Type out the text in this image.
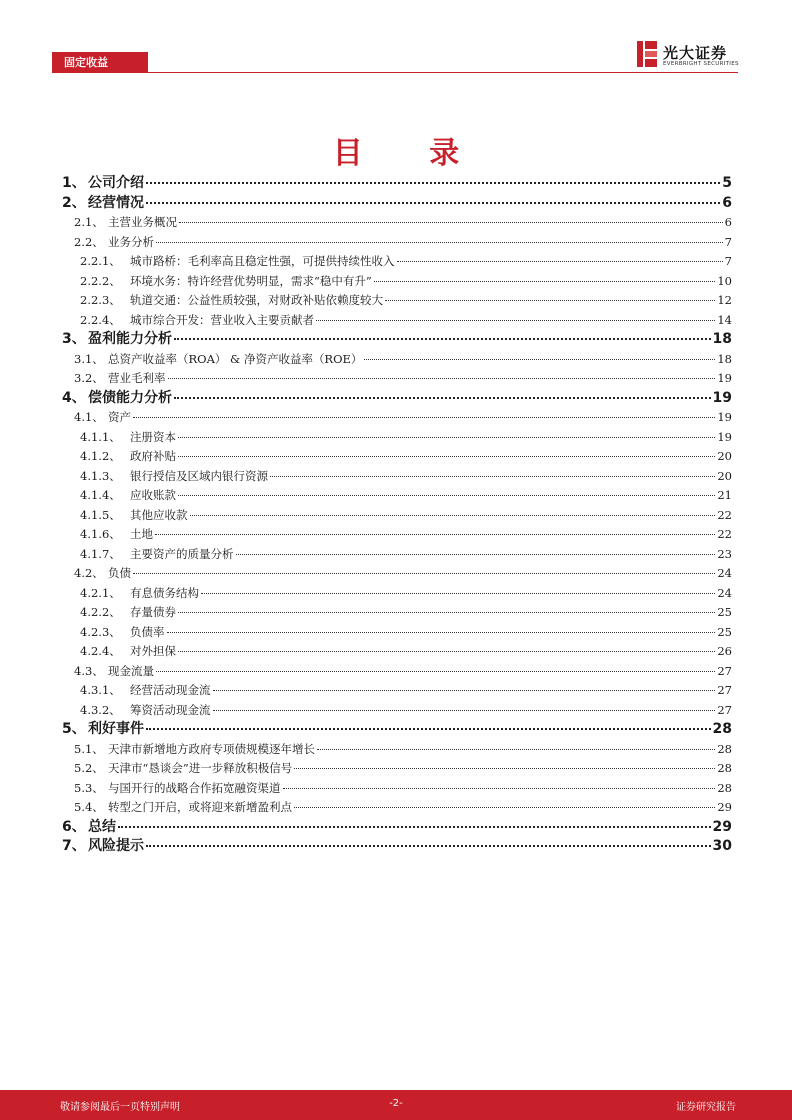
固定收益
光大证券
EVERBRIGHT SECURITIES
目 录
1、 公司介绍	5
2、 经营情况	6
2.1、 主营业务概况	6
2.2、 业务分析	7
2.2.1、 城市路桥：毛利率高且稳定性强，可提供持续性收入	7
2.2.2、 环境水务：特许经营优势明显，需求“稳中有升”	10
2.2.3、 轨道交通：公益性质较强，对财政补贴依赖度较大	12
2.2.4、 城市综合开发：营业收入主要贡献者	14
3、 盈利能力分析	18
3.1、 总资产收益率（ROA） & 净资产收益率（ROE）	18
3.2、 营业毛利率	19
4、 偿债能力分析	19
4.1、 资产	19
4.1.1、 注册资本	19
4.1.2、 政府补贴	20
4.1.3、 银行授信及区域内银行资源	20
4.1.4、 应收账款	21
4.1.5、 其他应收款	22
4.1.6、 土地	22
4.1.7、 主要资产的质量分析	23
4.2、 负债	24
4.2.1、 有息债务结构	24
4.2.2、 存量债券	25
4.2.3、 负债率	25
4.2.4、 对外担保	26
4.3、 现金流量	27
4.3.1、 经营活动现金流	27
4.3.2、 筹资活动现金流	27
5、 利好事件	28
5.1、 天津市新增地方政府专项债规模逐年增长	28
5.2、 天津市“恳谈会”进一步释放积极信号	28
5.3、 与国开行的战略合作拓宽融资渠道	28
5.4、 转型之门开启，或将迎来新增盈利点	29
6、 总结	29
7、 风险提示	30
敬请参阅最后一页特别声明	-2-	证券研究报告
